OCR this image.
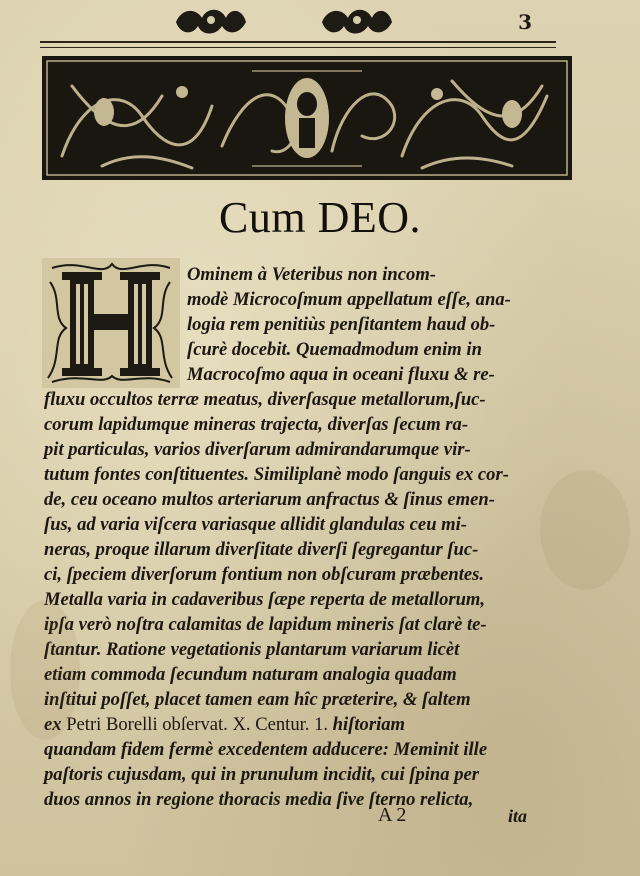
3
Cum DEO.
Ominem à Veteribus non incom-
modè Microcoſmum appellatum eſſe, ana-
logia rem penitiùs penſitantem haud ob-
ſcurè docebit. Quemadmodum enim in
Macrocoſmo aqua in oceani fluxu & re-
fluxu occultos terræ meatus, diverſasque metallorum,ſuc-
corum lapidumque mineras trajecta, diverſas ſecum ra-
pit particulas, varios diverſarum admirandarumque vir-
tutum fontes conſtituentes. Similiplanè modo ſanguis ex cor-
de, ceu oceano multos arteriarum anfractus & ſinus emen-
ſus, ad varia viſcera variasque allidit glandulas ceu mi-
neras, proque illarum diverſitate diverſi ſegregantur ſuc-
ci, ſpeciem diverſorum fontium non obſcuram præbentes.
Metalla varia in cadaveribus ſæpe reperta de metallorum,
ipſa verò noſtra calamitas de lapidum mineris ſat clarè te-
ſtantur. Ratione vegetationis plantarum variarum licèt
etiam commoda ſecundum naturam analogia quadam
inſtitui poſſet, placet tamen eam hîc præterire, & ſaltem
ex Petri Borelli obſervat. X. Centur. 1. hiſtoriam
quandam fidem fermè excedentem adducere: Meminit ille
paſtoris cujusdam, qui in prunulum incidit, cui ſpina per
duos annos in regione thoracis media ſive ſterno relicta,
A 2	ita
